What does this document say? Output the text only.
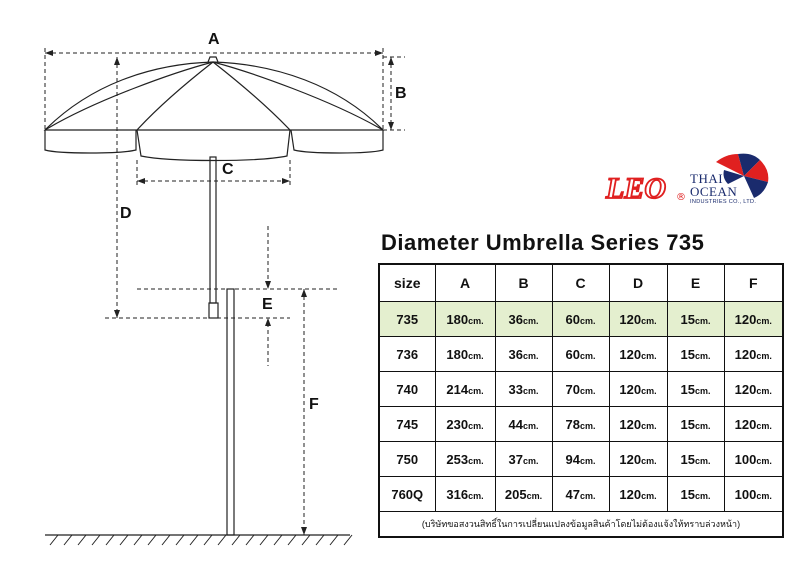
A
B
C
D
E
F
LEO ®
THAI
OCEAN
INDUSTRIES CO., LTD.
Diameter Umbrella Series 735
size	A	B	C	D	E	F
735	180cm.	36cm.	60cm.	120cm.	15cm.	120cm.
736	180cm.	36cm.	60cm.	120cm.	15cm.	120cm.
740	214cm.	33cm.	70cm.	120cm.	15cm.	120cm.
745	230cm.	44cm.	78cm.	120cm.	15cm.	120cm.
750	253cm.	37cm.	94cm.	120cm.	15cm.	100cm.
760Q	316cm.	205cm.	47cm.	120cm.	15cm.	100cm.
(บริษัทขอสงวนสิทธิ์ในการเปลี่ยนแปลงข้อมูลสินค้าโดยไม่ต้องแจ้งให้ทราบล่วงหน้า)						
